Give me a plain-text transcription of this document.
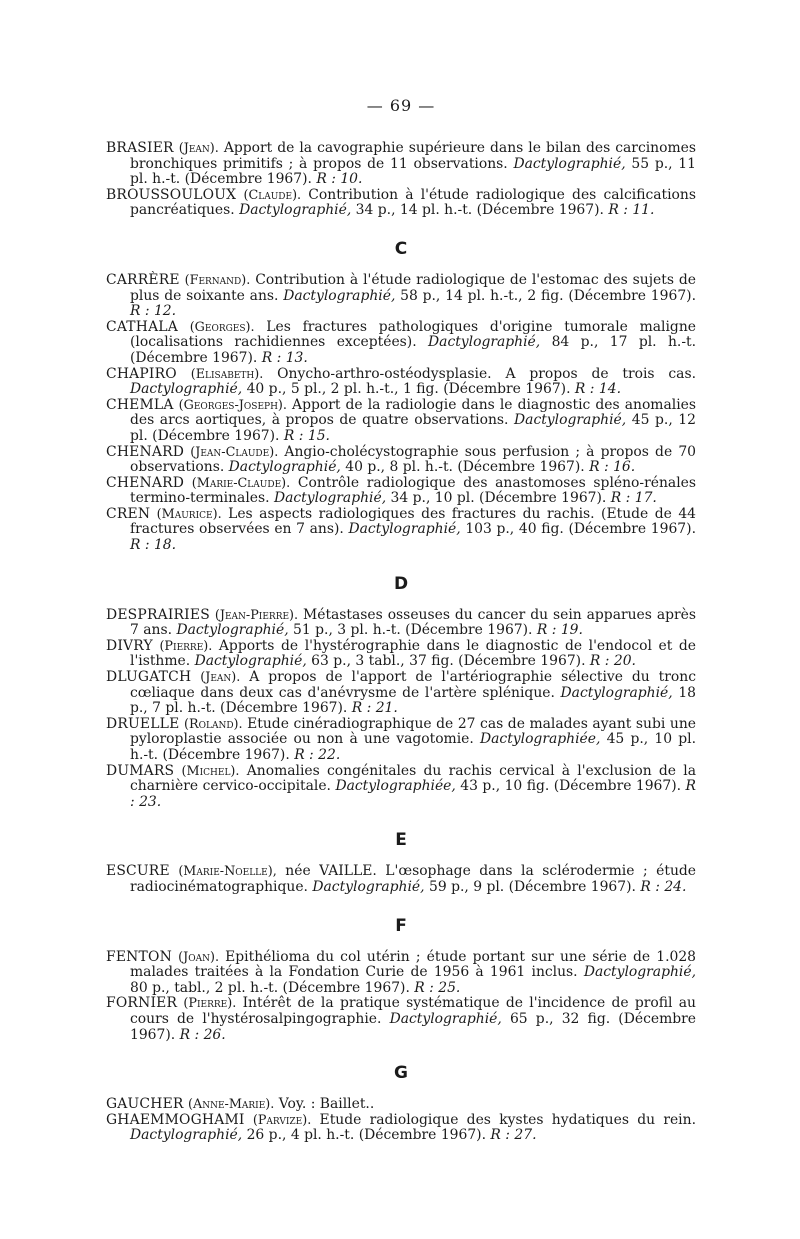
— 69 —

BRASIER (Jean). Apport de la cavographie supérieure dans le bilan des carcinomes bronchiques primitifs ; à propos de 11 observations. Dactylographié, 55 p., 11 pl. h.-t. (Décembre 1967). R : 10.

BROUSSOULOUX (Claude). Contribution à l'étude radiologique des calcifications pancréatiques. Dactylographié, 34 p., 14 pl. h.-t. (Décembre 1967). R : 11.

C

CARRÈRE (Fernand). Contribution à l'étude radiologique de l'estomac des sujets de plus de soixante ans. Dactylographié, 58 p., 14 pl. h.-t., 2 fig. (Décembre 1967). R : 12.

CATHALA (Georges). Les fractures pathologiques d'origine tumorale maligne (localisations rachidiennes exceptées). Dactylographié, 84 p., 17 pl. h.-t. (Décembre 1967). R : 13.

CHAPIRO (Elisabeth). Onycho-arthro-ostéodysplasie. A propos de trois cas. Dactylographié, 40 p., 5 pl., 2 pl. h.-t., 1 fig. (Décembre 1967). R : 14.

CHEMLA (Georges-Joseph). Apport de la radiologie dans le diagnostic des anomalies des arcs aortiques, à propos de quatre observations. Dactylographié, 45 p., 12 pl. (Décembre 1967). R : 15.

CHENARD (Jean-Claude). Angio-cholécystographie sous perfusion ; à propos de 70 observations. Dactylographié, 40 p., 8 pl. h.-t. (Décembre 1967). R : 16.

CHENARD (Marie-Claude). Contrôle radiologique des anastomoses spléno-rénales termino-terminales. Dactylographié, 34 p., 10 pl. (Décembre 1967). R : 17.

CREN (Maurice). Les aspects radiologiques des fractures du rachis. (Etude de 44 fractures observées en 7 ans). Dactylographié, 103 p., 40 fig. (Décembre 1967). R : 18.

D

DESPRAIRIES (Jean-Pierre). Métastases osseuses du cancer du sein apparues après 7 ans. Dactylographié, 51 p., 3 pl. h.-t. (Décembre 1967). R : 19.

DIVRY (Pierre). Apports de l'hystérographie dans le diagnostic de l'endocol et de l'isthme. Dactylographié, 63 p., 3 tabl., 37 fig. (Décembre 1967). R : 20.

DLUGATCH (Jean). A propos de l'apport de l'artériographie sélective du tronc cœliaque dans deux cas d'anévrysme de l'artère splénique. Dactylographié, 18 p., 7 pl. h.-t. (Décembre 1967). R : 21.

DRUELLE (Roland). Etude cinéradiographique de 27 cas de malades ayant subi une pyloroplastie associée ou non à une vagotomie. Dactylographiée, 45 p., 10 pl. h.-t. (Décembre 1967). R : 22.

DUMARS (Michel). Anomalies congénitales du rachis cervical à l'exclusion de la charnière cervico-occipitale. Dactylographiée, 43 p., 10 fig. (Décembre 1967). R : 23.

E

ESCURE (Marie-Noelle), née VAILLE. L'œsophage dans la sclérodermie ; étude radiocinématographique. Dactylographié, 59 p., 9 pl. (Décembre 1967). R : 24.

F

FENTON (Joan). Epithélioma du col utérin ; étude portant sur une série de 1.028 malades traitées à la Fondation Curie de 1956 à 1961 inclus. Dactylographié, 80 p., tabl., 2 pl. h.-t. (Décembre 1967). R : 25.

FORNIER (Pierre). Intérêt de la pratique systématique de l'incidence de profil au cours de l'hystérosalpingographie. Dactylographié, 65 p., 32 fig. (Décembre 1967). R : 26.

G

GAUCHER (Anne-Marie). Voy. : Baillet..

GHAEMMOGHAMI (Parvize). Etude radiologique des kystes hydatiques du rein. Dactylographié, 26 p., 4 pl. h.-t. (Décembre 1967). R : 27.
